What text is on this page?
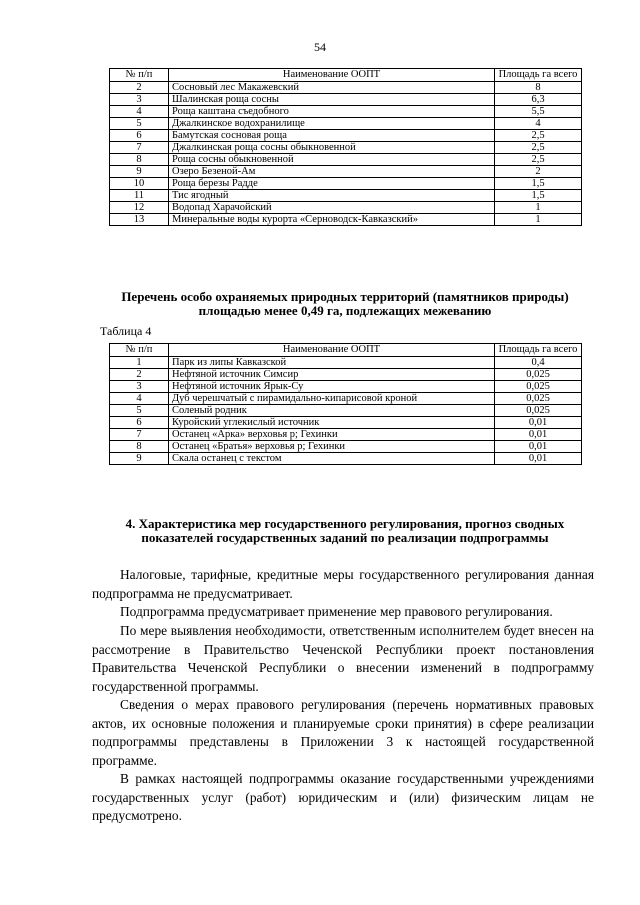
54
№ п/п	Наименование ООПТ	Площадь га всего
2	Сосновый лес Макажевский	8
3	Шалинская роща сосны	6,3
4	Роща каштана съедобного	5,5
5	Джалкинское водохранилище	4
6	Бамутская сосновая роща	2,5
7	Джалкинская роща сосны обыкновенной	2,5
8	Роща сосны обыкновенной	2,5
9	Озеро Безеной-Ам	2
10	Роща березы Радде	1,5
11	Тис ягодный	1,5
12	Водопад Харачойский	1
13	Минеральные воды курорта «Серноводск-Кавказский»	1
Перечень особо охраняемых природных территорий (памятников природы) площадью менее 0,49 га, подлежащих межеванию
Таблица 4
№ п/п	Наименование ООПТ	Площадь га всего
1	Парк из липы Кавказской	0,4
2	Нефтяной источник Симсир	0,025
3	Нефтяной источник Ярык-Су	0,025
4	Дуб черешчатый с пирамидально-кипарисовой кроной	0,025
5	Соленый родник	0,025
6	Куройский углекислый источник	0,01
7	Останец «Арка» верховья р; Гехинки	0,01
8	Останец «Братья» верховья р; Гехинки	0,01
9	Скала останец с текстом	0,01
4. Характеристика мер государственного регулирования, прогноз сводных показателей государственных заданий по реализации подпрограммы

Налоговые, тарифные, кредитные меры государственного регулирования данная подпрограмма не предусматривает.

Подпрограмма предусматривает применение мер правового регулирования.

По мере выявления необходимости, ответственным исполнителем будет внесен на рассмотрение в Правительство Чеченской Республики проект постановления Правительства Чеченской Республики о внесении изменений в подпрограмму государственной программы.

Сведения о мерах правового регулирования (перечень нормативных правовых актов, их основные положения и планируемые сроки принятия) в сфере реализации подпрограммы представлены в Приложении 3 к настоящей государственной программе.

В рамках настоящей подпрограммы оказание государственными учреждениями государственных услуг (работ) юридическим и (или) физическим лицам не предусмотрено.
